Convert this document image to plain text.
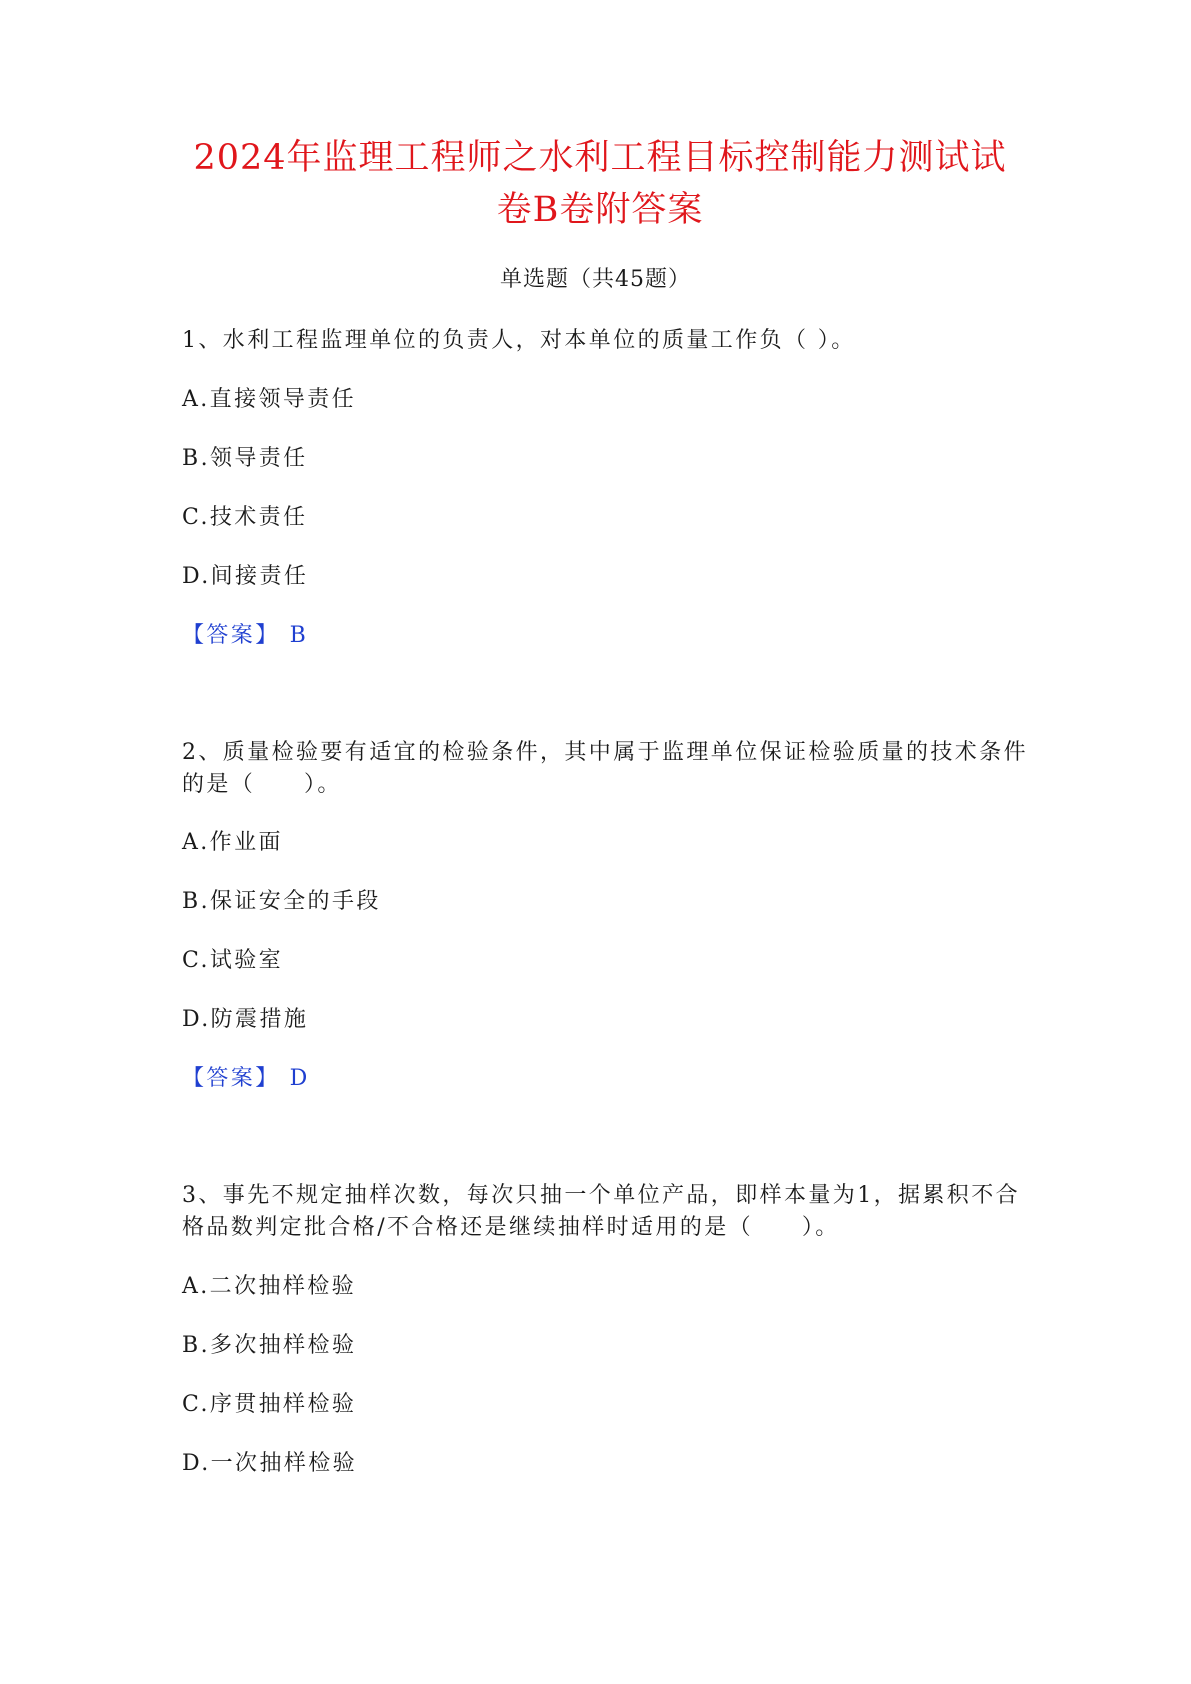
2024年监理工程师之水利工程目标控制能力测试试
卷B卷附答案
单选题（共45题）
1、水利工程监理单位的负责人，对本单位的质量工作负（ ）。
A.直接领导责任
B.领导责任
C.技术责任
D.间接责任
【答案】 B
2、质量检验要有适宜的检验条件，其中属于监理单位保证检验质量的技术条件
的是（　　）。
A.作业面
B.保证安全的手段
C.试验室
D.防震措施
【答案】 D
3、事先不规定抽样次数，每次只抽一个单位产品，即样本量为1，据累积不合
格品数判定批合格/不合格还是继续抽样时适用的是（　　）。
A.二次抽样检验
B.多次抽样检验
C.序贯抽样检验
D.一次抽样检验
